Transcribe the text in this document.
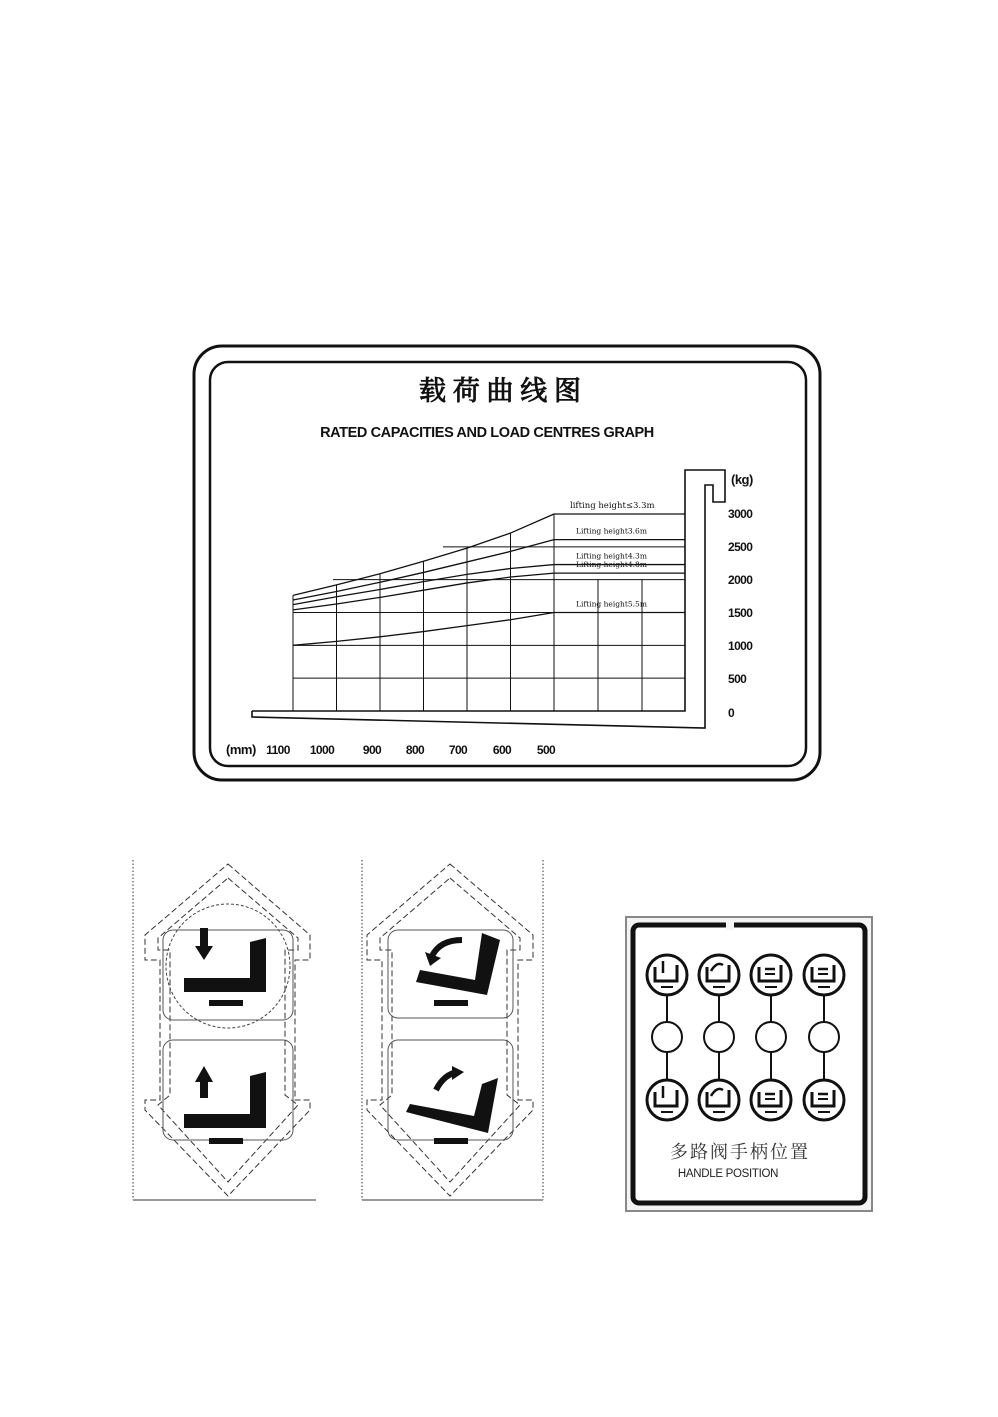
载 荷 曲 线 图
RATED CAPACITIES AND LOAD CENTRES GRAPH
lifting height≤3.3m
Lifting height3.6m
Lifting height4.3m
Lifting height4.8m
Lifting height5.5m
(kg)
(mm)
3000
2500
2000
1500
1000
500
0
1100 1000 900 800 700 600 500
多路阀手柄位置
HANDLE POSITION
